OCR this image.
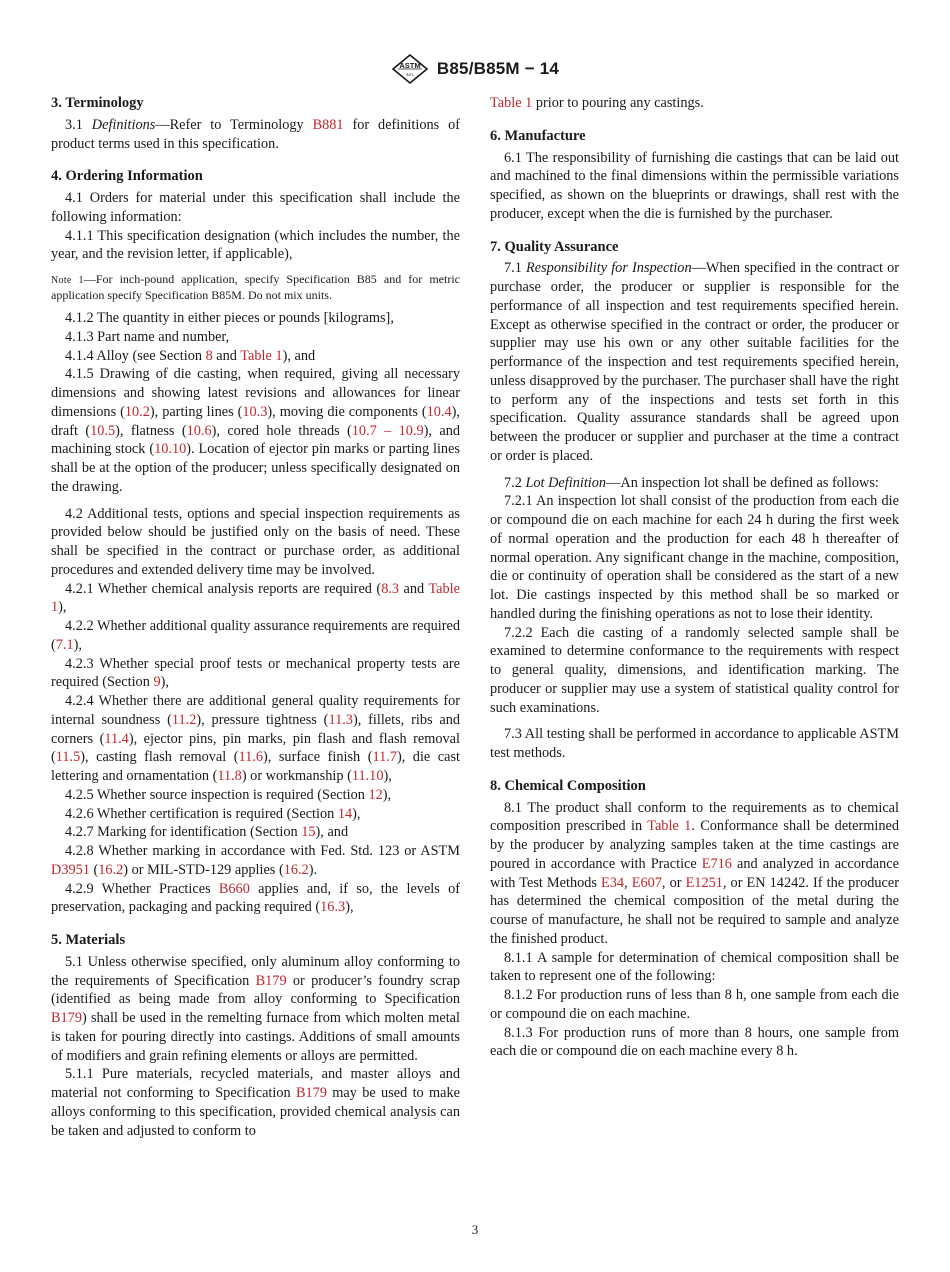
ASTM
INTL B85/B85M − 14
3. Terminology

3.1 Definitions—Refer to Terminology B881 for definitions of product terms used in this specification.

4. Ordering Information

4.1 Orders for material under this specification shall include the following information:

4.1.1 This specification designation (which includes the number, the year, and the revision letter, if applicable),

Note 1—For inch-pound application, specify Specification B85 and for metric application specify Specification B85M. Do not mix units.

4.1.2 The quantity in either pieces or pounds [kilograms],

4.1.3 Part name and number,

4.1.4 Alloy (see Section 8 and Table 1), and

4.1.5 Drawing of die casting, when required, giving all necessary dimensions and showing latest revisions and allowances for linear dimensions (10.2), parting lines (10.3), moving die components (10.4), draft (10.5), flatness (10.6), cored hole threads (10.7 – 10.9), and machining stock (10.10). Location of ejector pin marks or parting lines shall be at the option of the producer; unless specifically designated on the drawing.

4.2 Additional tests, options and special inspection requirements as provided below should be justified only on the basis of need. These shall be specified in the contract or purchase order, as additional procedures and extended delivery time may be involved.

4.2.1 Whether chemical analysis reports are required (8.3 and Table 1),

4.2.2 Whether additional quality assurance requirements are required (7.1),

4.2.3 Whether special proof tests or mechanical property tests are required (Section 9),

4.2.4 Whether there are additional general quality requirements for internal soundness (11.2), pressure tightness (11.3), fillets, ribs and corners (11.4), ejector pins, pin marks, pin flash and flash removal (11.5), casting flash removal (11.6), surface finish (11.7), die cast lettering and ornamentation (11.8) or workmanship (11.10),

4.2.5 Whether source inspection is required (Section 12),

4.2.6 Whether certification is required (Section 14),

4.2.7 Marking for identification (Section 15), and

4.2.8 Whether marking in accordance with Fed. Std. 123 or ASTM D3951 (16.2) or MIL-STD-129 applies (16.2).

4.2.9 Whether Practices B660 applies and, if so, the levels of preservation, packaging and packing required (16.3),

5. Materials

5.1 Unless otherwise specified, only aluminum alloy conforming to the requirements of Specification B179 or producer’s foundry scrap (identified as being made from alloy conforming to Specification B179) shall be used in the remelting furnace from which molten metal is taken for pouring directly into castings. Additions of small amounts of modifiers and grain refining elements or alloys are permitted.

5.1.1 Pure materials, recycled materials, and master alloys and material not conforming to Specification B179 may be used to make alloys conforming to this specification, provided chemical analysis can be taken and adjusted to conform to

Table 1 prior to pouring any castings.

6. Manufacture

6.1 The responsibility of furnishing die castings that can be laid out and machined to the final dimensions within the permissible variations specified, as shown on the blueprints or drawings, shall rest with the producer, except when the die is furnished by the purchaser.

7. Quality Assurance

7.1 Responsibility for Inspection—When specified in the contract or purchase order, the producer or supplier is responsible for the performance of all inspection and test requirements specified herein. Except as otherwise specified in the contract or order, the producer or supplier may use his own or any other suitable facilities for the performance of the inspection and test requirements specified herein, unless disapproved by the purchaser. The purchaser shall have the right to perform any of the inspections and tests set forth in this specification. Quality assurance standards shall be agreed upon between the producer or supplier and purchaser at the time a contract or order is placed.

7.2 Lot Definition—An inspection lot shall be defined as follows:

7.2.1 An inspection lot shall consist of the production from each die or compound die on each machine for each 24 h during the first week of normal operation and the production for each 48 h thereafter of normal operation. Any significant change in the machine, composition, die or continuity of operation shall be considered as the start of a new lot. Die castings inspected by this method shall be so marked or handled during the finishing operations as not to lose their identity.

7.2.2 Each die casting of a randomly selected sample shall be examined to determine conformance to the requirements with respect to general quality, dimensions, and identification marking. The producer or supplier may use a system of statistical quality control for such examinations.

7.3 All testing shall be performed in accordance to applicable ASTM test methods.

8. Chemical Composition

8.1 The product shall conform to the requirements as to chemical composition prescribed in Table 1. Conformance shall be determined by the producer by analyzing samples taken at the time castings are poured in accordance with Practice E716 and analyzed in accordance with Test Methods E34, E607, or E1251, or EN 14242. If the producer has determined the chemical composition of the metal during the course of manufacture, he shall not be required to sample and analyze the finished product.

8.1.1 A sample for determination of chemical composition shall be taken to represent one of the following:

8.1.2 For production runs of less than 8 h, one sample from each die or compound die on each machine.

8.1.3 For production runs of more than 8 hours, one sample from each die or compound die on each machine every 8 h.

3
